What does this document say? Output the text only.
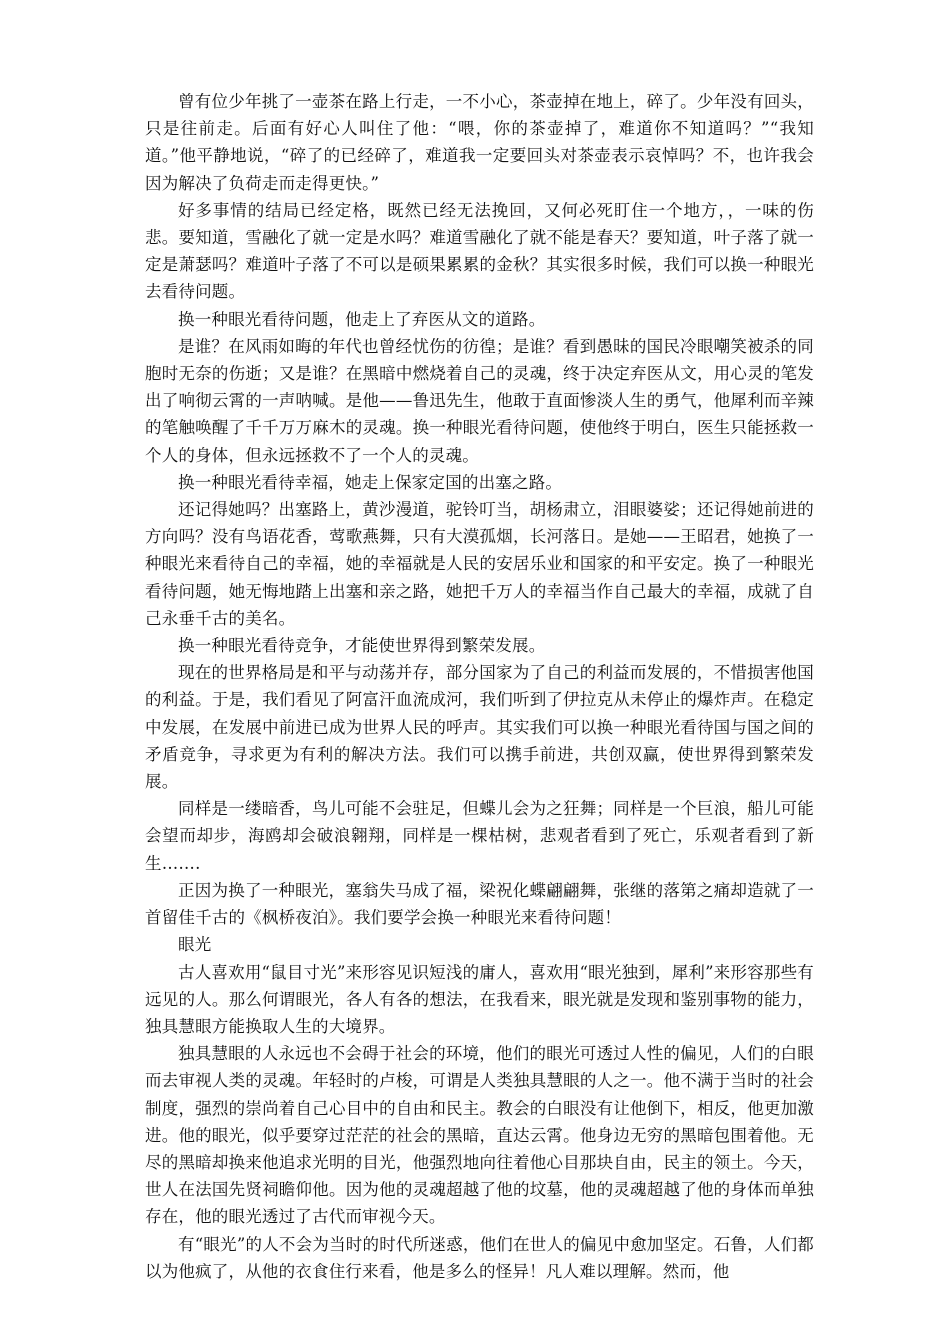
曾有位少年挑了一壶茶在路上行走，一不小心，茶壶掉在地上，碎了。少年没有回头，只是往前走。后面有好心人叫住了他：“喂，你的茶壶掉了，难道你不知道吗？”“我知道。”他平静地说，“碎了的已经碎了，难道我一定要回头对茶壶表示哀悼吗？不，也许我会因为解决了负荷走而走得更快。”

好多事情的结局已经定格，既然已经无法挽回，又何必死盯住一个地方，，一味的伤悲。要知道，雪融化了就一定是水吗？难道雪融化了就不能是春天？要知道，叶子落了就一定是萧瑟吗？难道叶子落了不可以是硕果累累的金秋？其实很多时候，我们可以换一种眼光去看待问题。

换一种眼光看待问题，他走上了弃医从文的道路。

是谁？在风雨如晦的年代也曾经忧伤的彷徨；是谁？看到愚昧的国民冷眼嘲笑被杀的同胞时无奈的伤逝；又是谁？在黑暗中燃烧着自己的灵魂，终于决定弃医从文，用心灵的笔发出了响彻云霄的一声呐喊。是他——鲁迅先生，他敢于直面惨淡人生的勇气，他犀利而辛辣的笔触唤醒了千千万万麻木的灵魂。换一种眼光看待问题，使他终于明白，医生只能拯救一个人的身体，但永远拯救不了一个人的灵魂。

换一种眼光看待幸福，她走上保家定国的出塞之路。

还记得她吗？出塞路上，黄沙漫道，驼铃叮当，胡杨肃立，泪眼婆娑；还记得她前进的方向吗？没有鸟语花香，莺歌燕舞，只有大漠孤烟，长河落日。是她——王昭君，她换了一种眼光来看待自己的幸福，她的幸福就是人民的安居乐业和国家的和平安定。换了一种眼光看待问题，她无悔地踏上出塞和亲之路，她把千万人的幸福当作自己最大的幸福，成就了自己永垂千古的美名。

换一种眼光看待竞争，才能使世界得到繁荣发展。

现在的世界格局是和平与动荡并存，部分国家为了自己的利益而发展的，不惜损害他国的利益。于是，我们看见了阿富汗血流成河，我们听到了伊拉克从未停止的爆炸声。在稳定中发展，在发展中前进已成为世界人民的呼声。其实我们可以换一种眼光看待国与国之间的矛盾竞争，寻求更为有利的解决方法。我们可以携手前进，共创双赢，使世界得到繁荣发展。

同样是一缕暗香，鸟儿可能不会驻足，但蝶儿会为之狂舞；同样是一个巨浪，船儿可能会望而却步，海鸥却会破浪翱翔，同样是一棵枯树，悲观者看到了死亡，乐观者看到了新生…….

正因为换了一种眼光，塞翁失马成了福，梁祝化蝶翩翩舞，张继的落第之痛却造就了一首留佳千古的《枫桥夜泊》。我们要学会换一种眼光来看待问题！

眼光

古人喜欢用“鼠目寸光”来形容见识短浅的庸人，喜欢用“眼光独到，犀利”来形容那些有远见的人。那么何谓眼光，各人有各的想法，在我看来，眼光就是发现和鉴别事物的能力，独具慧眼方能换取人生的大境界。

独具慧眼的人永远也不会碍于社会的环境，他们的眼光可透过人性的偏见，人们的白眼而去审视人类的灵魂。年轻时的卢梭，可谓是人类独具慧眼的人之一。他不满于当时的社会制度，强烈的崇尚着自己心目中的自由和民主。教会的白眼没有让他倒下，相反，他更加激进。他的眼光，似乎要穿过茫茫的社会的黑暗，直达云霄。他身边无穷的黑暗包围着他。无尽的黑暗却换来他追求光明的目光，他强烈地向往着他心目那块自由，民主的领土。今天，世人在法国先贤祠瞻仰他。因为他的灵魂超越了他的坟墓，他的灵魂超越了他的身体而单独存在，他的眼光透过了古代而审视今天。

有“眼光”的人不会为当时的时代所迷惑，他们在世人的偏见中愈加坚定。石鲁，人们都以为他疯了，从他的衣食住行来看，他是多么的怪异！凡人难以理解。然而，他
